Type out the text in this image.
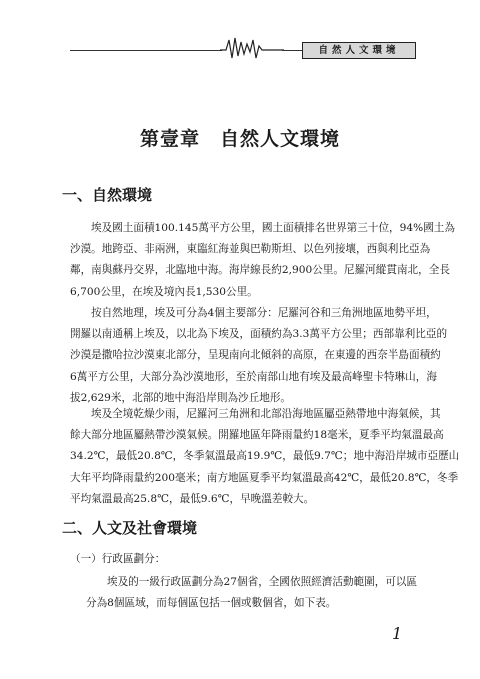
自然人文環境
第壹章　自然人文環境
一、自然環境

埃及國土面積100.145萬平方公里，國土面積排名世界第三十位，94%國土為
沙漠。地跨亞、非兩洲，東臨紅海並與巴勒斯坦、以色列接壤，西與利比亞為
鄰，南與蘇丹交界，北臨地中海。海岸線長約2,900公里。尼羅河縱貫南北，全長
6,700公里，在埃及境內長1,530公里。

按自然地理，埃及可分為4個主要部分：尼羅河谷和三角洲地區地勢平坦，
開羅以南通稱上埃及，以北為下埃及，面積約為3.3萬平方公里；西部靠利比亞的
沙漠是撒哈拉沙漠東北部分，呈現南向北傾斜的高原，在東邊的西奈半島面積約
6萬平方公里，大部分為沙漠地形，至於南部山地有埃及最高峰聖卡特琳山，海
拔2,629米，北部的地中海沿岸則為沙丘地形。

埃及全境乾燥少雨，尼羅河三角洲和北部沿海地區屬亞熱帶地中海氣候，其
餘大部分地區屬熱帶沙漠氣候。開羅地區年降雨量約18毫米，夏季平均氣溫最高
34.2℃，最低20.8℃，冬季氣溫最高19.9℃，最低9.7℃；地中海沿岸城市亞歷山
大年平均降雨量約200毫米；南方地區夏季平均氣溫最高42℃，最低20.8℃，冬季
平均氣溫最高25.8℃，最低9.6℃，早晚溫差較大。

二、人文及社會環境
（一）行政區劃分：

埃及的一級行政區劃分為27個省，全國依照經濟活動範圍，可以區
分為8個區域，而每個區包括一個或數個省，如下表。

1
